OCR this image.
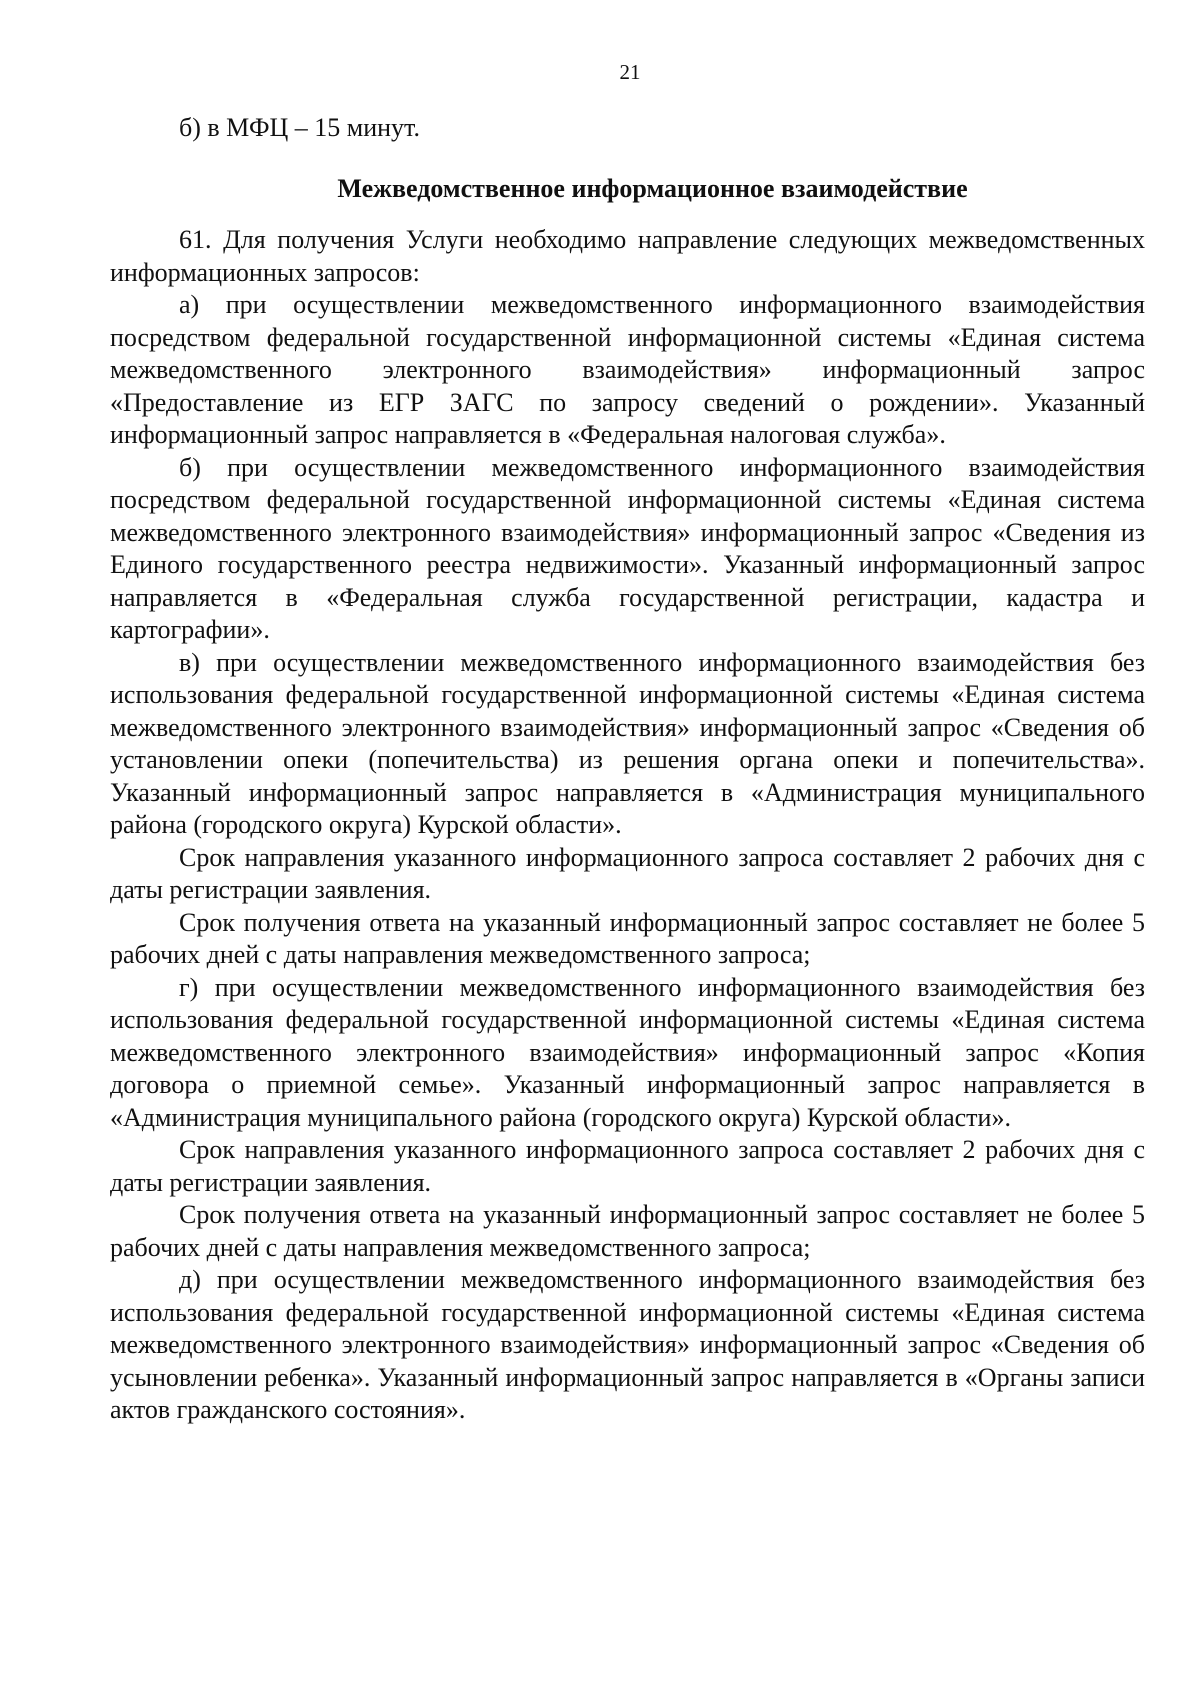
21

б) в МФЦ – 15 минут.

Межведомственное информационное взаимодействие

61. Для получения Услуги необходимо направление следующих межведомственных информационных запросов:

а) при осуществлении межведомственного информационного взаимодействия посредством федеральной государственной информационной системы «Единая система межведомственного электронного взаимодействия» информационный запрос «Предоставление из ЕГР ЗАГС по запросу сведений о рождении». Указанный информационный запрос направляется в «Федеральная налоговая служба».

б) при осуществлении межведомственного информационного взаимодействия посредством федеральной государственной информационной системы «Единая система межведомственного электронного взаимодействия» информационный запрос «Сведения из Единого государственного реестра недвижимости». Указанный информационный запрос направляется в «Федеральная служба государственной регистрации, кадастра и картографии».

в) при осуществлении межведомственного информационного взаимодействия без использования федеральной государственной информационной системы «Единая система межведомственного электронного взаимодействия» информационный запрос «Сведения об установлении опеки (попечительства) из решения органа опеки и попечительства». Указанный информационный запрос направляется в «Администрация муниципального района (городского округа) Курской области».

Срок направления указанного информационного запроса составляет 2 рабочих дня с даты регистрации заявления.

Срок получения ответа на указанный информационный запрос составляет не более 5 рабочих дней с даты направления межведомственного запроса;

г) при осуществлении межведомственного информационного взаимодействия без использования федеральной государственной информационной системы «Единая система межведомственного электронного взаимодействия» информационный запрос «Копия договора о приемной семье». Указанный информационный запрос направляется в «Администрация муниципального района (городского округа) Курской области».

Срок направления указанного информационного запроса составляет 2 рабочих дня с даты регистрации заявления.

Срок получения ответа на указанный информационный запрос составляет не более 5 рабочих дней с даты направления межведомственного запроса;

д) при осуществлении межведомственного информационного взаимодействия без использования федеральной государственной информационной системы «Единая система межведомственного электронного взаимодействия» информационный запрос «Сведения об усыновлении ребенка». Указанный информационный запрос направляется в «Органы записи актов гражданского состояния».
